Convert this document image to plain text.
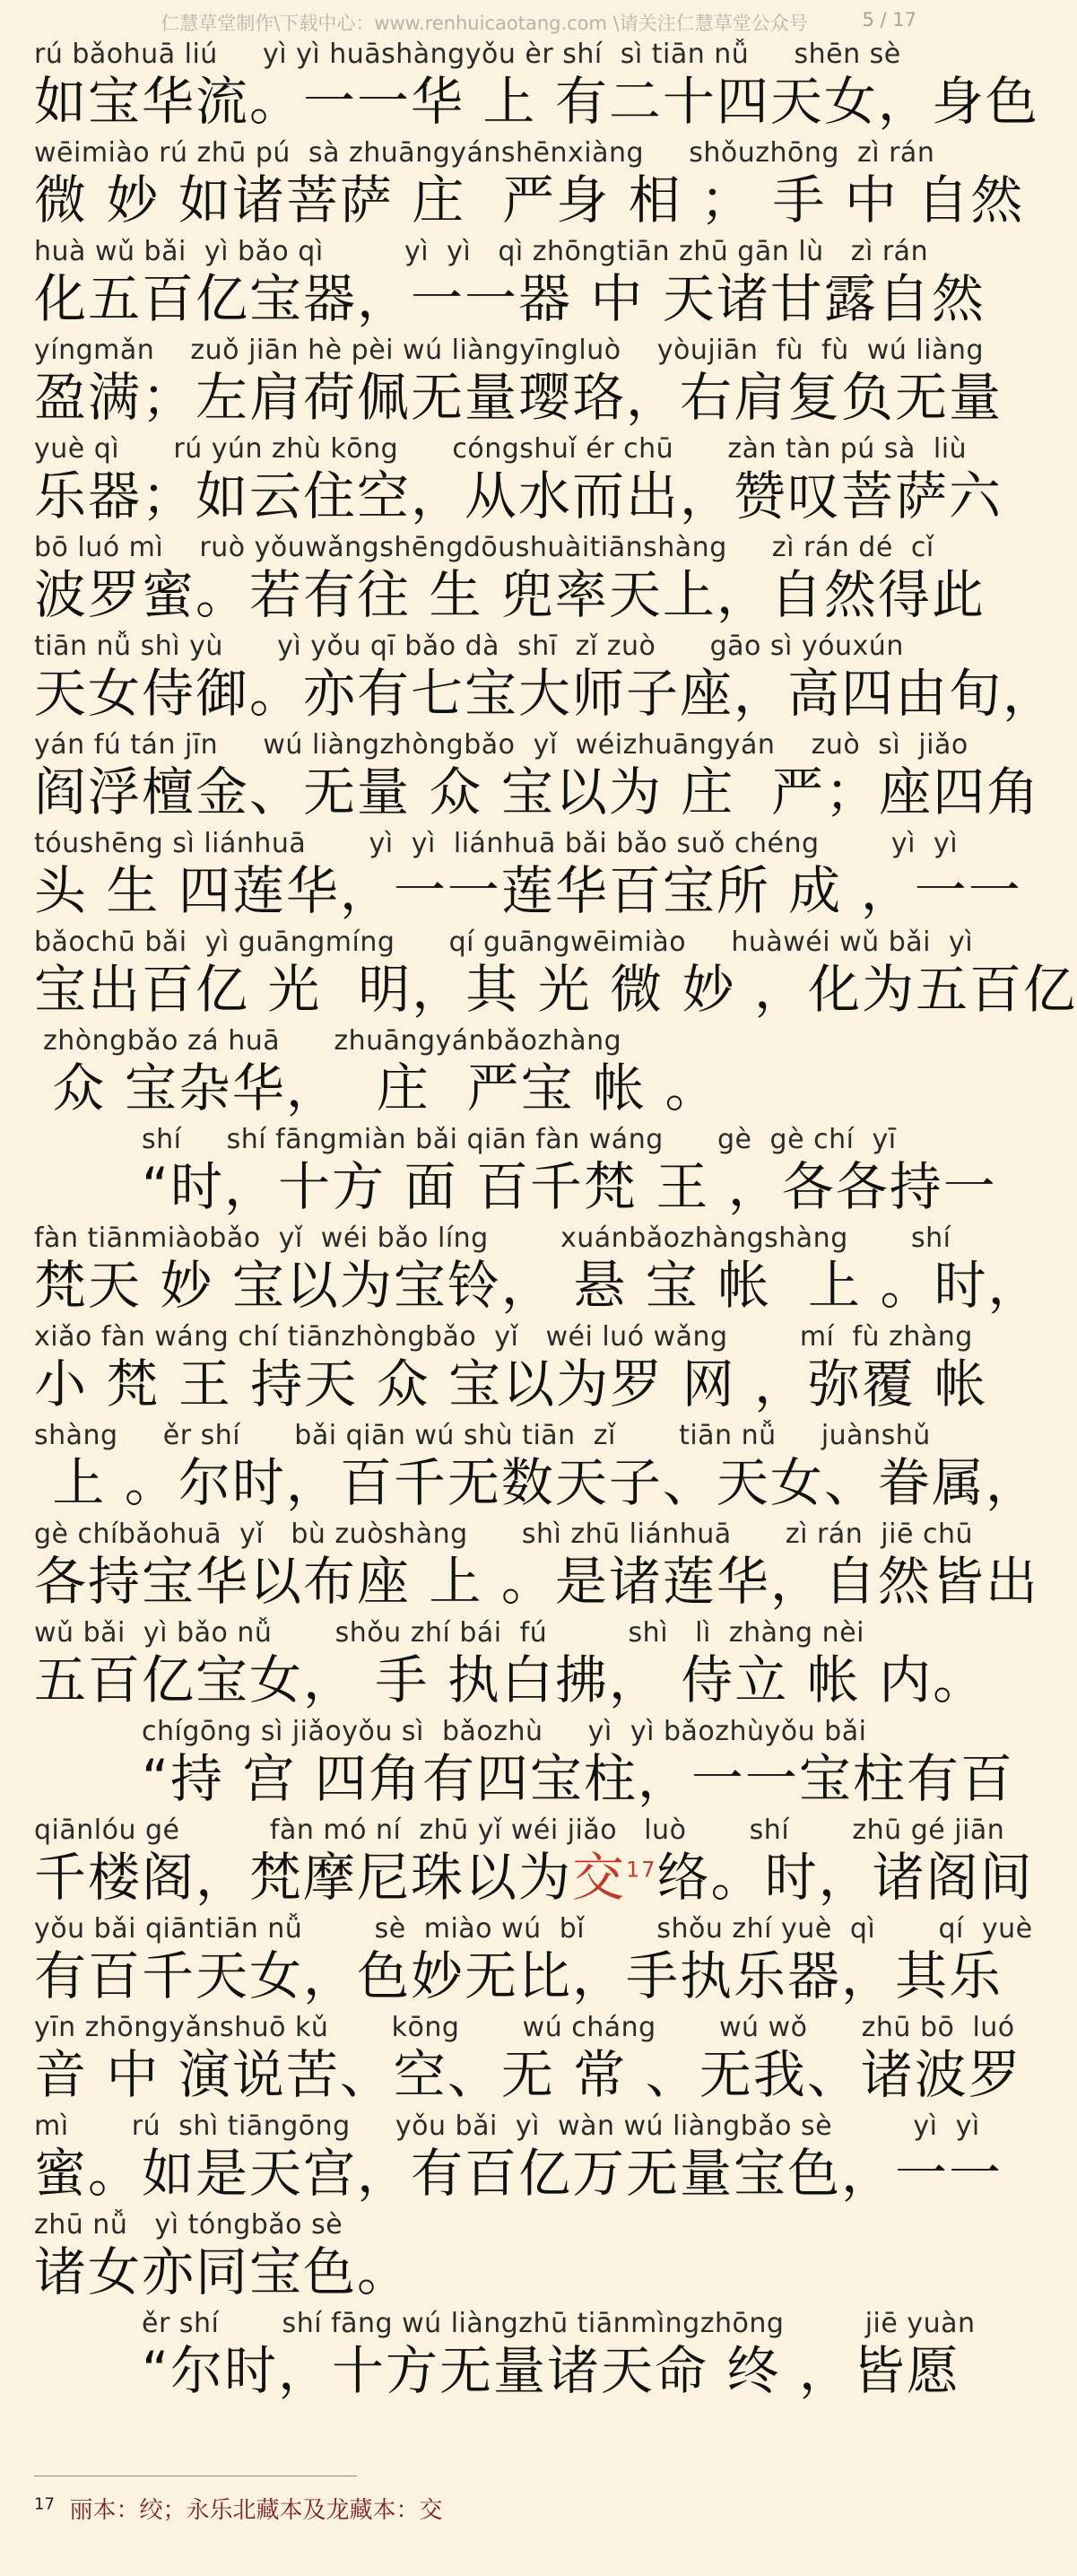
仁慧草堂制作\下载中心：www.renhuicaotang.com \请关注仁慧草堂公众号	5 / 17
rú bǎohuā liú     yì yì huāshàngyǒu èr shí  sì tiān nǚ     shēn sè
如宝华流。一一华 上 有二十四天女，身色
wēimiào rú zhū pú  sà zhuāngyánshēnxiàng     shǒuzhōng  zì rán
微 妙 如诸菩萨 庄  严身 相 ； 手 中 自然
huà wǔ bǎi  yì bǎo qì         yì  yì   qì zhōngtiān zhū gān lù   zì rán
化五百亿宝器，一一器 中 天诸甘露自然
yíngmǎn    zuǒ jiān hè pèi wú liàngyīngluò    yòujiān  fù  fù  wú liàng
盈满；左肩荷佩无量璎珞，右肩复负无量
yuè qì      rú yún zhù kōng      cóngshuǐ ér chū      zàn tàn pú sà  liù
乐器；如云住空，从水而出，赞叹菩萨六
bō luó mì    ruò yǒuwǎngshēngdōushuàitiānshàng     zì rán dé  cǐ
波罗蜜。若有往 生 兜率天上，自然得此
tiān nǚ shì yù      yì yǒu qī bǎo dà  shī  zǐ zuò      gāo sì yóuxún
天女侍御。亦有七宝大师子座，高四由旬，
yán fú tán jīn     wú liàngzhòngbǎo  yǐ  wéizhuāngyán    zuò  sì  jiǎo
阎浮檀金、无量 众 宝以为 庄  严；座四角
tóushēng sì liánhuā       yì  yì  liánhuā bǎi bǎo suǒ chéng        yì  yì
头 生 四莲华，一一莲华百宝所 成 ，一一
bǎochū bǎi  yì guāngmíng      qí guāngwēimiào     huàwéi wǔ bǎi  yì
宝出百亿 光  明，其 光 微 妙 ，化为五百亿
zhòngbǎo zá huā      zhuāngyánbǎozhàng
众 宝杂华，  庄  严宝 帐 。
shí     shí fāngmiàn bǎi qiān fàn wáng      gè  gè chí  yī
“时，十方 面 百千梵 王 ，各各持一
fàn tiānmiàobǎo  yǐ  wéi bǎo líng        xuánbǎozhàngshàng       shí
梵天 妙 宝以为宝铃， 悬 宝 帐  上 。时，
xiǎo fàn wáng chí tiānzhòngbǎo  yǐ   wéi luó wǎng        mí  fù zhàng
小 梵 王 持天 众 宝以为罗 网 ，弥覆 帐
shàng     ěr shí      bǎi qiān wú shù tiān  zǐ       tiān nǚ     juànshǔ
上 。尔时，百千无数天子、天女、眷属，
gè chíbǎohuā  yǐ   bù zuòshàng      shì zhū liánhuā      zì rán  jiē chū
各持宝华以布座 上 。是诸莲华，自然皆出
wǔ bǎi  yì bǎo nǚ       shǒu zhí bái  fú         shì   lì  zhàng nèi
五百亿宝女， 手 执白拂， 侍立 帐 内。
chígōng sì jiǎoyǒu sì  bǎozhù     yì  yì bǎozhùyǒu bǎi
“持 宫 四角有四宝柱，一一宝柱有百
qiānlóu gé          fàn mó ní  zhū yǐ wéi jiǎo   luò       shí       zhū gé jiān
千楼阁，梵摩尼珠以为交$^{17}$络。时，诸阁间
yǒu bǎi qiāntiān nǚ        sè  miào wú  bǐ        shǒu zhí yuè  qì       qí  yuè
有百千天女，色妙无比，手执乐器，其乐
yīn zhōngyǎnshuō kǔ       kōng       wú cháng       wú wǒ      zhū bō  luó
音 中 演说苦、空、无 常 、无我、诸波罗
mì       rú  shì tiāngōng     yǒu bǎi  yì  wàn wú liàngbǎo sè         yì  yì
蜜。如是天宫，有百亿万无量宝色，一一
zhū nǚ   yì tóngbǎo sè
诸女亦同宝色。
ěr shí       shí fāng wú liàngzhū tiānmìngzhōng         jiē yuàn
“尔时，十方无量诸天命 终 ，皆愿
$^{17}$ 丽本：绞；永乐北藏本及龙藏本：交
